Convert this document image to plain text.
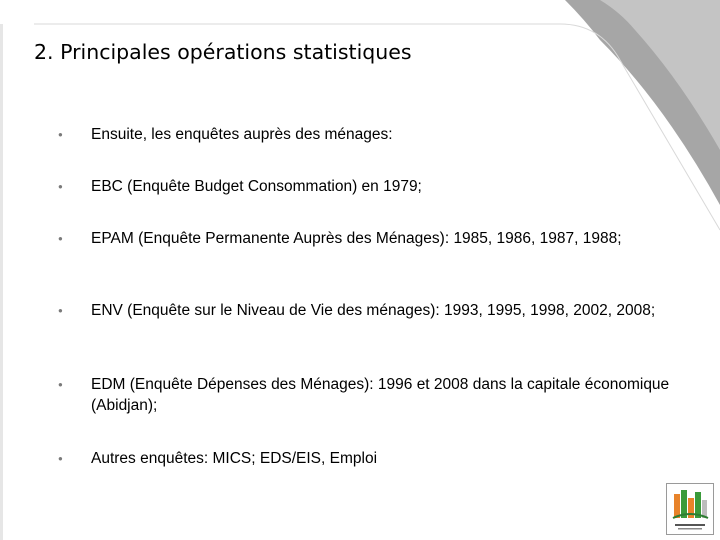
2. Principales opérations statistiques
● Ensuite, les enquêtes auprès des ménages:
● EBC (Enquête Budget Consommation) en 1979;
● EPAM (Enquête Permanente Auprès des Ménages): 1985, 1986, 1987, 1988;
● ENV (Enquête sur le Niveau de Vie des ménages): 1993, 1995, 1998, 2002, 2008;
● EDM (Enquête Dépenses des Ménages): 1996 et 2008 dans la capitale économique (Abidjan);
● Autres enquêtes: MICS; EDS/EIS, Emploi
